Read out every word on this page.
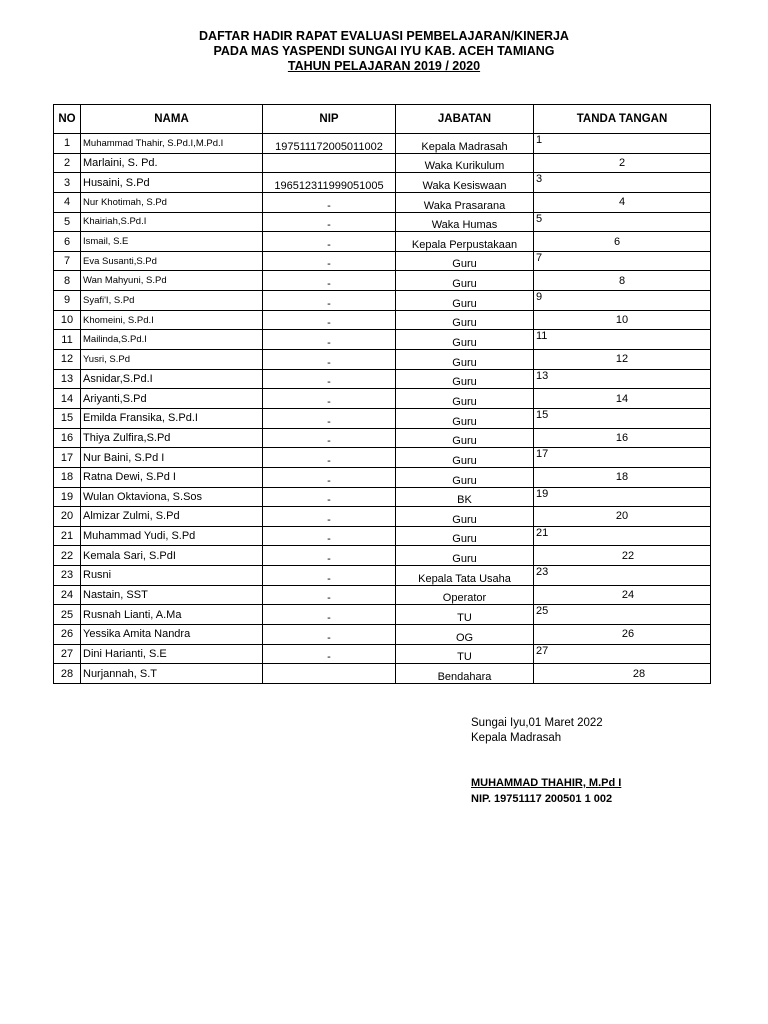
DAFTAR HADIR RAPAT EVALUASI PEMBELAJARAN/KINERJA
PADA MAS YASPENDI SUNGAI IYU KAB. ACEH TAMIANG
TAHUN PELAJARAN 2019 / 2020
NO	NAMA	NIP	JABATAN	TANDA TANGAN
1	Muhammad Thahir, S.Pd.I,M.Pd.I	197511172005011002	Kepala Madrasah	1
2	Marlaini, S. Pd.		Waka Kurikulum	2
3	Husaini, S.Pd	196512311999051005	Waka Kesiswaan	3
4	Nur Khotimah, S.Pd	-	Waka Prasarana	4
5	Khairiah,S.Pd.I	-	Waka Humas	5
6	Ismail, S.E	-	Kepala Perpustakaan	6
7	Eva Susanti,S.Pd	-	Guru	7
8	Wan Mahyuni, S.Pd	-	Guru	8
9	Syafi'I, S.Pd	-	Guru	9
10	Khomeini, S.Pd.I	-	Guru	10
11	Mailinda,S.Pd.I	-	Guru	11
12	Yusri, S.Pd	-	Guru	12
13	Asnidar,S.Pd.I	-	Guru	13
14	Ariyanti,S.Pd	-	Guru	14
15	Emilda Fransika, S.Pd.I	-	Guru	15
16	Thiya Zulfira,S.Pd	-	Guru	16
17	Nur Baini, S.Pd I	-	Guru	17
18	Ratna Dewi, S.Pd I	-	Guru	18
19	Wulan Oktaviona, S.Sos	-	BK	19
20	Almizar Zulmi, S.Pd	-	Guru	20
21	Muhammad Yudi, S.Pd	-	Guru	21
22	Kemala Sari, S.PdI	-	Guru	22
23	Rusni	-	Kepala Tata Usaha	23
24	Nastain, SST	-	Operator	24
25	Rusnah Lianti, A.Ma	-	TU	25
26	Yessika Amita Nandra	-	OG	26
27	Dini Harianti, S.E	-	TU	27
28	Nurjannah, S.T		Bendahara	28
Sungai Iyu,01 Maret 2022
Kepala Madrasah
MUHAMMAD THAHIR, M.Pd I
NIP. 19751117 200501 1 002
